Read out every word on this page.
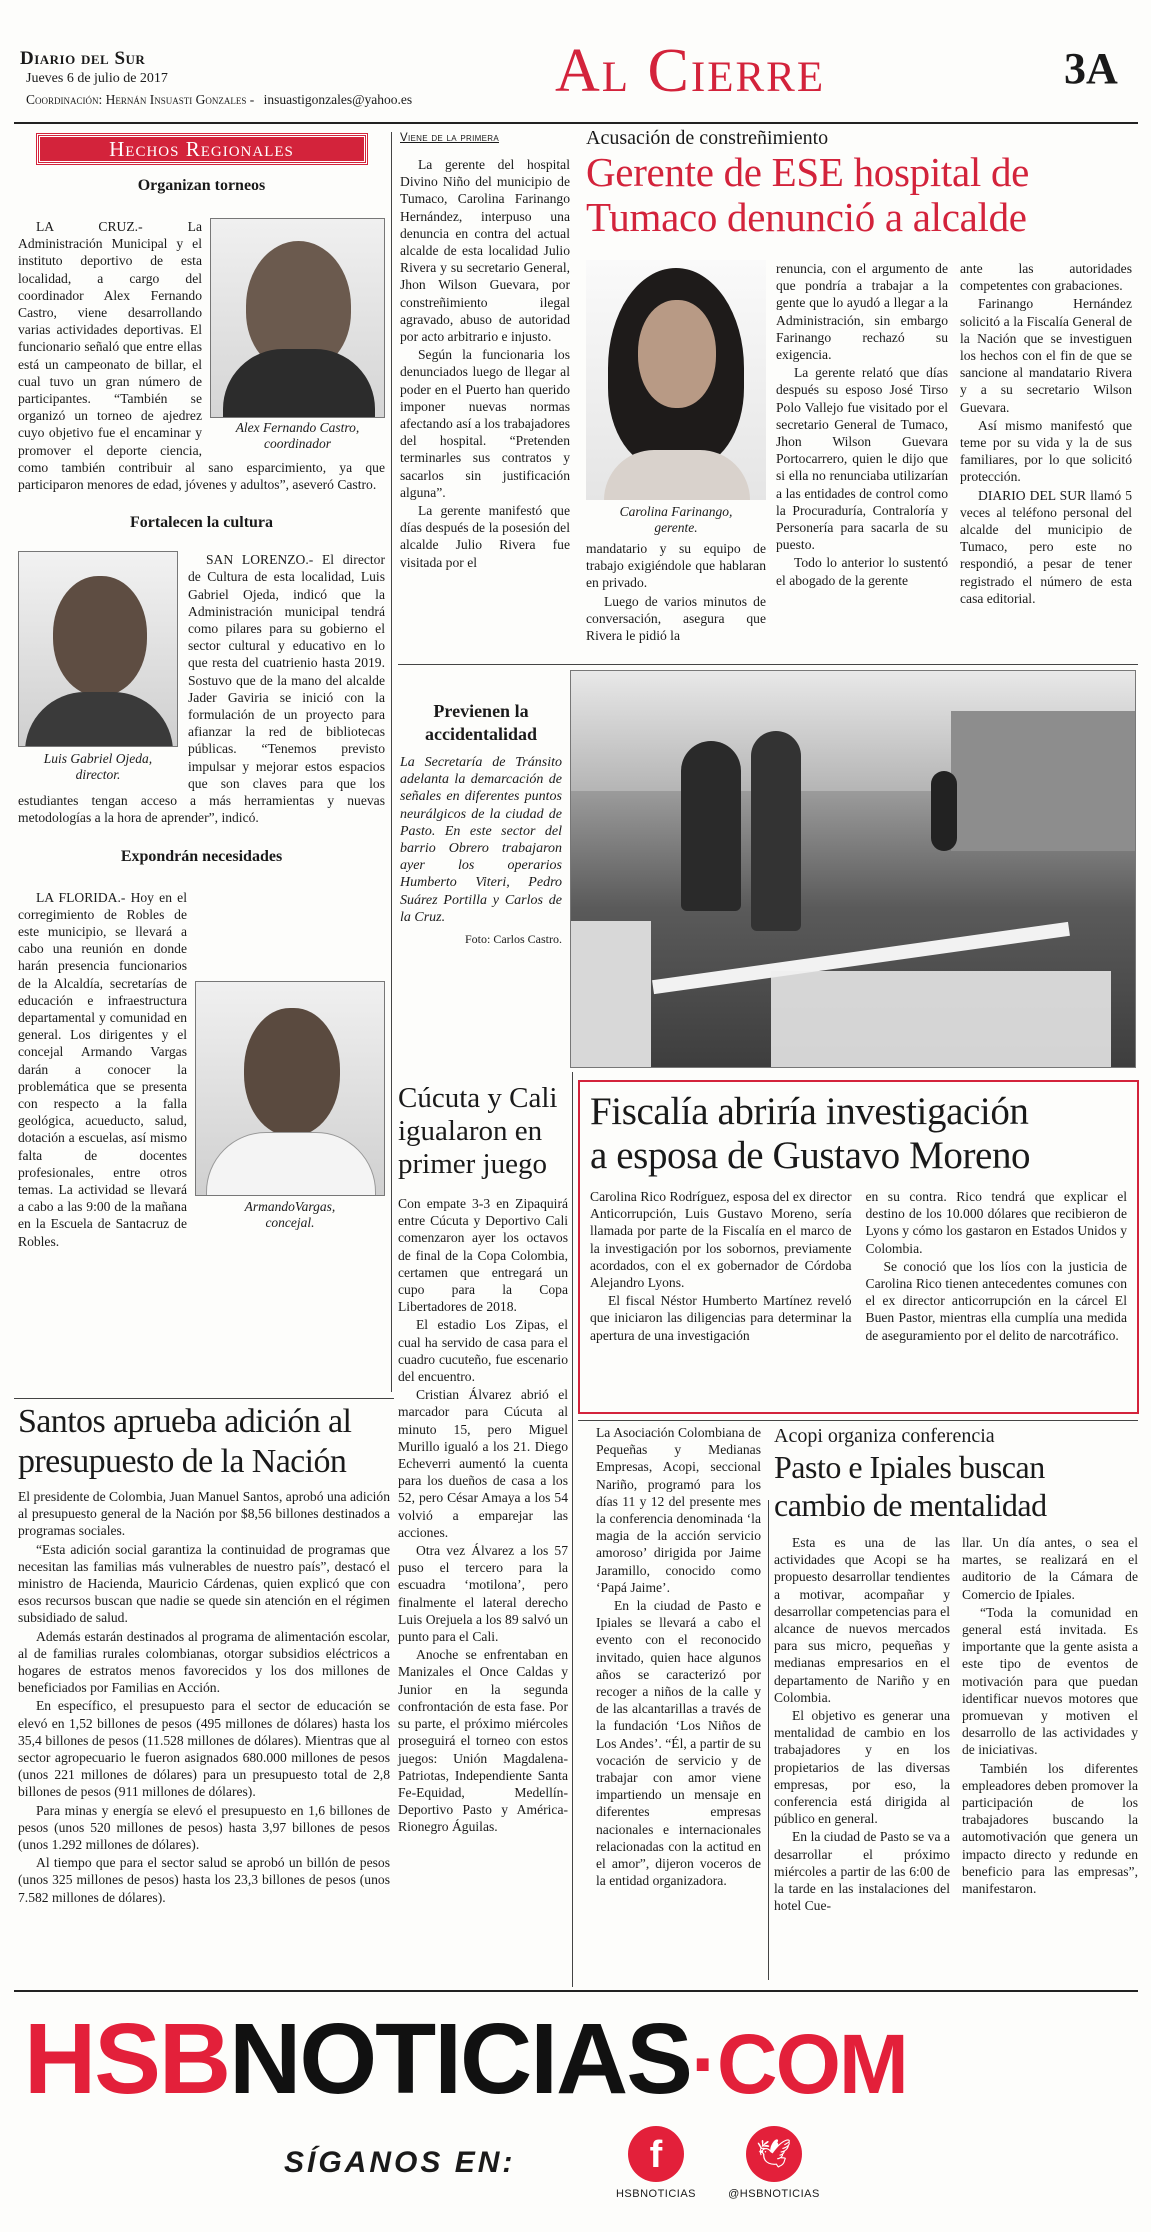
Diario del Sur
Jueves 6 de julio de 2017
Coordinación: Hernán Insuasti Gonzales - insuastigonzales@yahoo.es Al Cierre	3A
Hechos Regionales
Organizan torneos
Alex Fernando Castro,
coordinador

LA CRUZ.- La Administración Municipal y el instituto deportivo de esta localidad, a cargo del coordinador Alex Fernando Castro, viene desarrollando varias actividades deportivas. El funcionario señaló que entre ellas está un campeonato de billar, el cual tuvo un gran número de participantes. “También se organizó un torneo de ajedrez cuyo objetivo fue el encaminar y promover el deporte ciencia, como también contribuir al sano esparcimiento, ya que participaron menores de edad, jóvenes y adultos”, aseveró Castro.

Fortalecen la cultura
Luis Gabriel Ojeda,
director.

SAN LORENZO.- El director de Cultura de esta localidad, Luis Gabriel Ojeda, indicó que la Administración municipal tendrá como pilares para su gobierno el sector cultural y educativo en lo que resta del cuatrienio hasta 2019. Sostuvo que de la mano del alcalde Jader Gaviria se inició con la formulación de un proyecto para afianzar la red de bibliotecas públicas. “Tenemos previsto impulsar y mejorar estos espacios que son claves para que los estudiantes tengan acceso a más herramientas y nuevas metodologías a la hora de aprender”, indicó.

Expondrán necesidades
ArmandoVargas,
concejal.

LA FLORIDA.- Hoy en el corregimiento de Robles de este municipio, se llevará a cabo una reunión en donde harán presencia funcionarios de la Alcaldía, secretarías de educación e infraestructura departamental y comunidad en general. Los dirigentes y el concejal Armando Vargas darán a conocer la problemática que se presenta con respecto a la falla geológica, acueducto, salud, dotación a escuelas, así mismo falta de docentes profesionales, entre otros temas. La actividad se llevará a cabo a las 9:00 de la mañana en la Escuela de Santacruz de Robles.

Viene de la primera

La gerente del hospital Divino Niño del municipio de Tumaco, Carolina Farinango Hernández, interpuso una denuncia en contra del actual alcalde de esta localidad Julio Rivera y su secretario General, Jhon Wilson Guevara, por constreñimiento ilegal agravado, abuso de autoridad por acto arbitrario e injusto.

Según la funcionaria los denunciados luego de llegar al poder en el Puerto han querido imponer nuevas normas afectando así a los trabajadores del hospital. “Pretenden terminarles sus contratos y sacarlos sin justificación alguna”.

La gerente manifestó que días después de la posesión del alcalde Julio Rivera fue visitada por el

Acusación de constreñimiento
Gerente de ESE hospital de
Tumaco denunció a alcalde
Carolina Farinango,
gerente.

mandatario y su equipo de trabajo exigiéndole que hablaran en privado.

Luego de varios minutos de conversación, asegura que Rivera le pidió la

renuncia, con el argumento de que pondría a trabajar a la gente que lo ayudó a llegar a la Administración, sin embargo Farinango rechazó su exigencia.

La gerente relató que días después su esposo José Tirso Polo Vallejo fue visitado por el secretario General de Tumaco, Jhon Wilson Guevara Portocarrero, quien le dijo que si ella no renunciaba utilizarían a las entidades de control como la Procuraduría, Contraloría y Personería para sacarla de su puesto.

Todo lo anterior lo sustentó el abogado de la gerente

ante las autoridades competentes con grabaciones.

Farinango Hernández solicitó a la Fiscalía General de la Nación que se investiguen los hechos con el fin de que se sancione al mandatario Rivera y a su secretario Wilson Guevara.

Así mismo manifestó que teme por su vida y la de sus familiares, por lo que solicitó protección.

DIARIO DEL SUR llamó 5 veces al teléfono personal del alcalde del municipio de Tumaco, pero este no respondió, a pesar de tener registrado el número de esta casa editorial.

Previenen la
accidentalidad

La Secretaría de Tránsito adelanta la demarcación de señales en diferentes puntos neurálgicos de la ciudad de Pasto. En este sector del barrio Obrero trabajaron ayer los operarios Humberto Viteri, Pedro Suárez Portilla y Carlos de la Cruz.

Foto: Carlos Castro.
Fiscalía abriría investigación
a esposa de Gustavo Moreno

Carolina Rico Rodríguez, esposa del ex director Anticorrupción, Luis Gustavo Moreno, sería llamada por parte de la Fiscalía en el marco de la investigación por los sobornos, previamente acordados, con el ex gobernador de Córdoba Alejandro Lyons.

El fiscal Néstor Humberto Martínez reveló que iniciaron las diligencias para determinar la apertura de una investigación

en su contra. Rico tendrá que explicar el destino de los 10.000 dólares que recibieron de Lyons y cómo los gastaron en Estados Unidos y Colombia.

Se conoció que los líos con la justicia de Carolina Rico tienen antecedentes comunes con el ex director anticorrupción en la cárcel El Buen Pastor, mientras ella cumplía una medida de aseguramiento por el delito de narcotráfico.

Cúcuta y Cali
igualaron en
primer juego

Con empate 3-3 en Zipaquirá entre Cúcuta y Deportivo Cali comenzaron ayer los octavos de final de la Copa Colombia, certamen que entregará un cupo para la Copa Libertadores de 2018.

El estadio Los Zipas, el cual ha servido de casa para el cuadro cucuteño, fue escenario del encuentro.

Cristian Álvarez abrió el marcador para Cúcuta al minuto 15, pero Miguel Murillo igualó a los 21. Diego Echeverri aumentó la cuenta para los dueños de casa a los 52, pero César Amaya a los 54 volvió a emparejar las acciones.

Otra vez Álvarez a los 57 puso el tercero para la escuadra ‘motilona’, pero finalmente el lateral derecho Luis Orejuela a los 89 salvó un punto para el Cali.

Anoche se enfrentaban en Manizales el Once Caldas y Junior en la segunda confrontación de esta fase. Por su parte, el próximo miércoles proseguirá el torneo con estos juegos: Unión Magdalena-Patriotas, Independiente Santa Fe-Equidad, Medellín-Deportivo Pasto y América-Rionegro Águilas.

Santos aprueba adición al
presupuesto de la Nación

El presidente de Colombia, Juan Manuel Santos, aprobó una adición al presupuesto general de la Nación por $8,56 billones destinados a programas sociales.

“Esta adición social garantiza la continuidad de programas que necesitan las familias más vulnerables de nuestro país”, destacó el ministro de Hacienda, Mauricio Cárdenas, quien explicó que con esos recursos buscan que nadie se quede sin atención en el régimen subsidiado de salud.

Además estarán destinados al programa de alimentación escolar, al de familias rurales colombianas, otorgar subsidios eléctricos a hogares de estratos menos favorecidos y los dos millones de beneficiados por Familias en Acción.

En específico, el presupuesto para el sector de educación se elevó en 1,52 billones de pesos (495 millones de dólares) hasta los 35,4 billones de pesos (11.528 millones de dólares). Mientras que al sector agropecuario le fueron asignados 680.000 millones de pesos (unos 221 millones de dólares) para un presupuesto total de 2,8 billones de pesos (911 millones de dólares).

Para minas y energía se elevó el presupuesto en 1,6 billones de pesos (unos 520 millones de pesos) hasta 3,97 billones de pesos (unos 1.292 millones de dólares).

Al tiempo que para el sector salud se aprobó un billón de pesos (unos 325 millones de pesos) hasta los 23,3 billones de pesos (unos 7.582 millones de dólares).

La Asociación Colombiana de Pequeñas y Medianas Empresas, Acopi, seccional Nariño, programó para los días 11 y 12 del presente mes la conferencia denominada ‘la magia de la acción servicio amoroso’ dirigida por Jaime Jaramillo, conocido como ‘Papá Jaime’.

En la ciudad de Pasto e Ipiales se llevará a cabo el evento con el reconocido invitado, quien hace algunos años se caracterizó por recoger a niños de la calle y de las alcantarillas a través de la fundación ‘Los Niños de Los Andes’. “Él, a partir de su vocación de servicio y de trabajar con amor viene impartiendo un mensaje en diferentes empresas nacionales e internacionales relacionadas con la actitud en el amor”, dijeron voceros de la entidad organizadora.

Acopi organiza conferencia
Pasto e Ipiales buscan
cambio de mentalidad

Esta es una de las actividades que Acopi se ha propuesto desarrollar tendientes a motivar, acompañar y desarrollar competencias para el alcance de nuevos mercados para sus micro, pequeñas y medianas empresarios en el departamento de Nariño y en Colombia.

El objetivo es generar una mentalidad de cambio en los trabajadores y en los propietarios de las diversas empresas, por eso, la conferencia está dirigida al público en general.

En la ciudad de Pasto se va a desarrollar el próximo miércoles a partir de las 6:00 de la tarde en las instalaciones del hotel Cue-

llar. Un día antes, o sea el martes, se realizará en el auditorio de la Cámara de Comercio de Ipiales.

“Toda la comunidad en general está invitada. Es importante que la gente asista a este tipo de eventos de motivación para que puedan identificar nuevos motores que promuevan y motiven el desarrollo de las actividades y de iniciativas.

También los diferentes empleadores deben promover la participación de los trabajadores buscando la automotivación que genera un impacto directo y redunde en beneficio para las empresas”, manifestaron.

HSBNOTICIAS·COM
SÍGANOS EN:	f	🕊
HSBNOTICIAS	@HSBNOTICIAS
